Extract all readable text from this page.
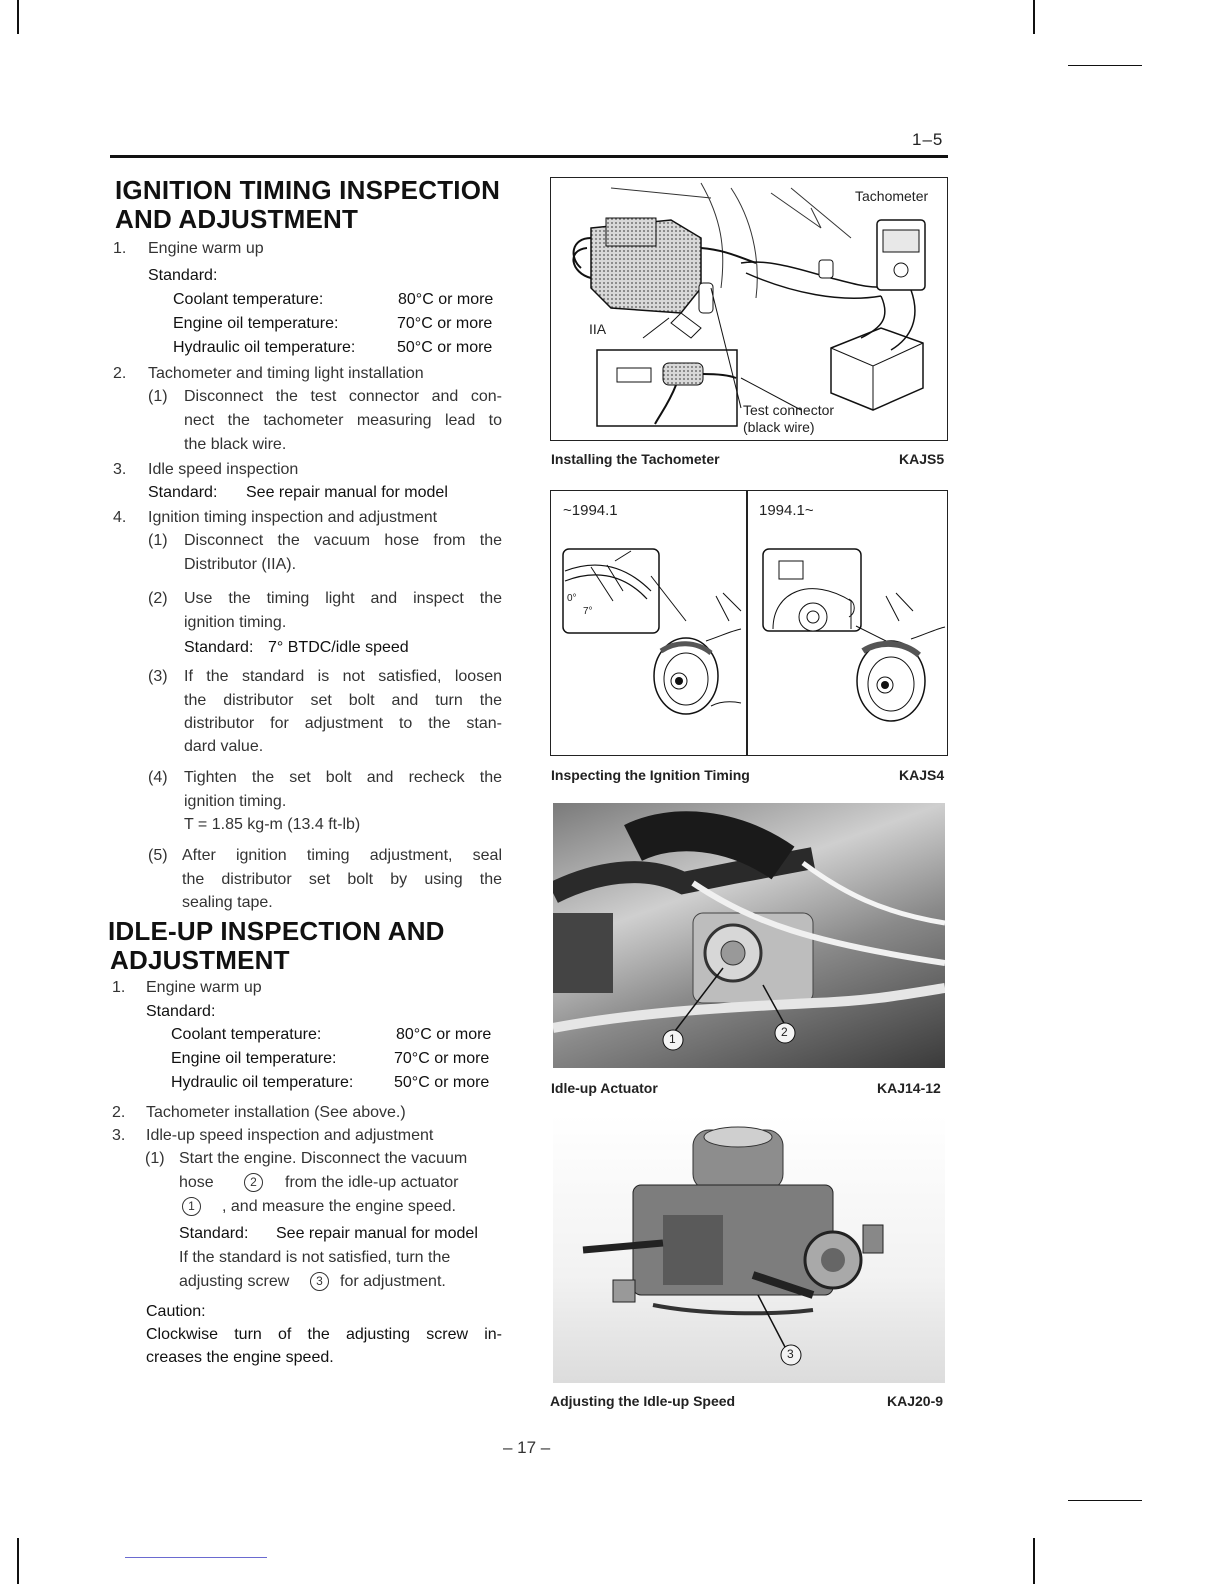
1–5
IGNITION TIMING INSPECTION
AND ADJUSTMENT
1. Engine warm up
Standard:
Coolant temperature:	80°C or more
Engine oil temperature:	70°C or more
Hydraulic oil temperature:	50°C or more
2. Tachometer and timing light installation
(1) Disconnect the test connector and con-
nect the tachometer measuring lead to
the black wire.
3. Idle speed inspection
Standard: See repair manual for model
4. Ignition timing inspection and adjustment
(1) Disconnect the vacuum hose from the
Distributor (IIA).
(2) Use the timing light and inspect the
ignition timing.
Standard: 7° BTDC/idle speed
(3) If the standard is not satisfied, loosen
the distributor set bolt and turn the
distributor for adjustment to the stan-
dard value.
(4) Tighten the set bolt and recheck the
ignition timing.
T = 1.85 kg-m (13.4 ft-lb)
(5) After ignition timing adjustment, seal
the distributor set bolt by using the
sealing tape.
IDLE-UP INSPECTION AND
ADJUSTMENT
1. Engine warm up
Standard:
Coolant temperature:	80°C or more
Engine oil temperature:	70°C or more
Hydraulic oil temperature:	50°C or more
2. Tachometer installation (See above.)
3. Idle-up speed inspection and adjustment
(1) Start the engine. Disconnect the vacuum
hose	2	from the idle-up actuator
1	, and measure the engine speed.
Standard: See repair manual for model
If the standard is not satisfied, turn the
adjusting screw	3	for adjustment.
Caution:
Clockwise turn of the adjusting screw in-
creases the engine speed.
Tachometer
IIA
Test connector
(black wire)
Installing the Tachometer	KAJS5
~1994.1	1994.1~
0°
7°
Inspecting the Ignition Timing	KAJS4
1	2
Idle-up Actuator	KAJ14-12
3
Adjusting the Idle-up Speed	KAJ20-9
– 17 –
